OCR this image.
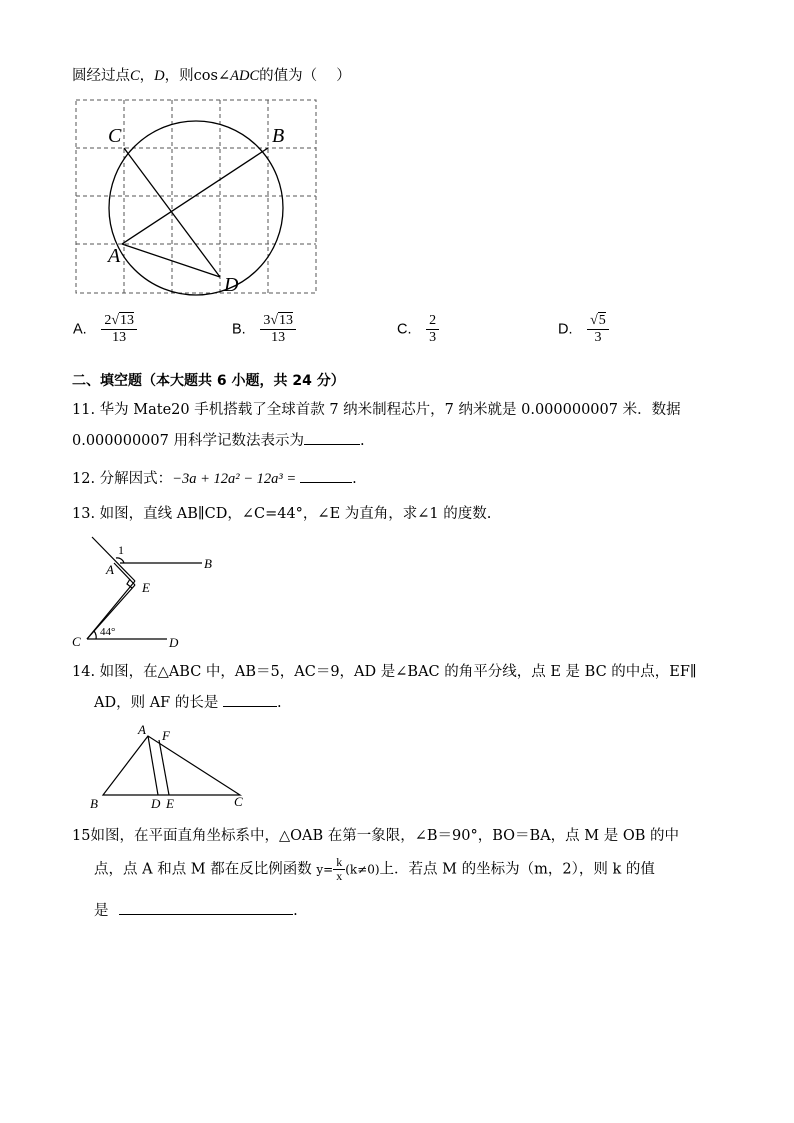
圆经过点C，D，则cos∠ADC的值为（　 ）
C	B
A
D
A. $\frac{2√13}{13}$	B. $\frac{3√13}{13}$	C. $\frac{2}{3}$	D. $\frac{√5}{3}$
二、填空题（本大题共 6 小题，共 24 分）
11. 华为 Mate20 手机搭载了全球首款 7 纳米制程芯片，7 纳米就是 0.000000007 米．数据
0.000000007 用科学记数法表示为	.
12. 分解因式：−3a + 12a² − 12a³ =	.
13. 如图，直线 AB∥CD，∠C=44°，∠E 为直角，求∠1 的度数.
1
A	B
E
C	D
44°
14. 如图，在△ABC 中，AB＝5，AC＝9，AD 是∠BAC 的角平分线，点 E 是 BC 的中点，EF∥
AD，则 AF 的长是	.
A F
B	D E	C
15如图，在平面直角坐标系中，△OAB 在第一象限，∠B＝90°，BO＝BA，点 M 是 OB 的中
点，点 A 和点 M 都在反比例函数 $y= \frac{k}{x} (k\ne 0)$上．若点 M 的坐标为（m，2），则 k 的值
是	.
